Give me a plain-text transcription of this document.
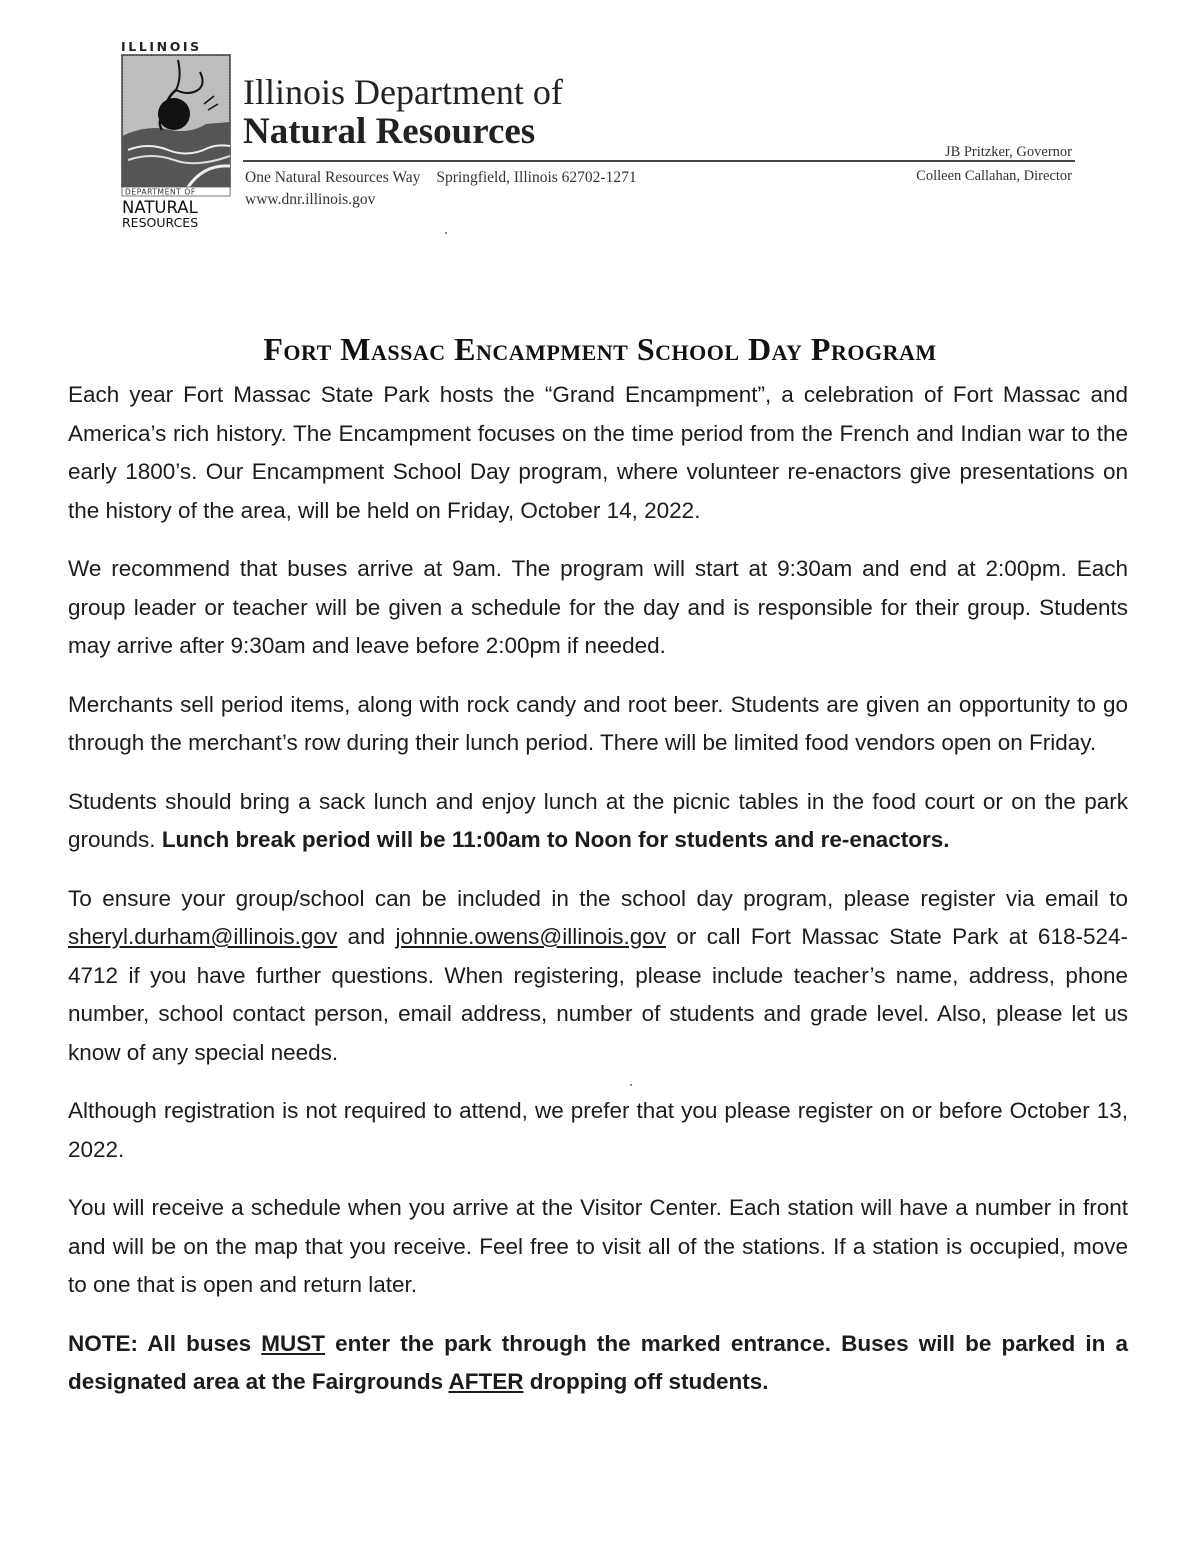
ILLINOIS
DEPARTMENT OF
NATURAL
RESOURCES
Illinois Department of
Natural Resources
One Natural Resources Way Springfield, Illinois 62702-1271
www.dnr.illinois.gov
JB Pritzker, Governor
Colleen Callahan, Director
Fort Massac Encampment School Day Program

Each year Fort Massac State Park hosts the “Grand Encampment”, a celebration of Fort Massac and America’s rich history. The Encampment focuses on the time period from the French and Indian war to the early 1800’s. Our Encampment School Day program, where volunteer re-enactors give presentations on the history of the area, will be held on Friday, October 14, 2022.

We recommend that buses arrive at 9am. The program will start at 9:30am and end at 2:00pm. Each group leader or teacher will be given a schedule for the day and is responsible for their group. Students may arrive after 9:30am and leave before 2:00pm if needed.

Merchants sell period items, along with rock candy and root beer. Students are given an opportunity to go through the merchant’s row during their lunch period. There will be limited food vendors open on Friday.

Students should bring a sack lunch and enjoy lunch at the picnic tables in the food court or on the park grounds. Lunch break period will be 11:00am to Noon for students and re-enactors.

To ensure your group/school can be included in the school day program, please register via email to sheryl.durham@illinois.gov and johnnie.owens@illinois.gov or call Fort Massac State Park at 618-524-4712 if you have further questions. When registering, please include teacher’s name, address, phone number, school contact person, email address, number of students and grade level. Also, please let us know of any special needs.

Although registration is not required to attend, we prefer that you please register on or before October 13, 2022.

You will receive a schedule when you arrive at the Visitor Center. Each station will have a number in front and will be on the map that you receive. Feel free to visit all of the stations. If a station is occupied, move to one that is open and return later.

NOTE: All buses MUST enter the park through the marked entrance. Buses will be parked in a designated area at the Fairgrounds AFTER dropping off students.
